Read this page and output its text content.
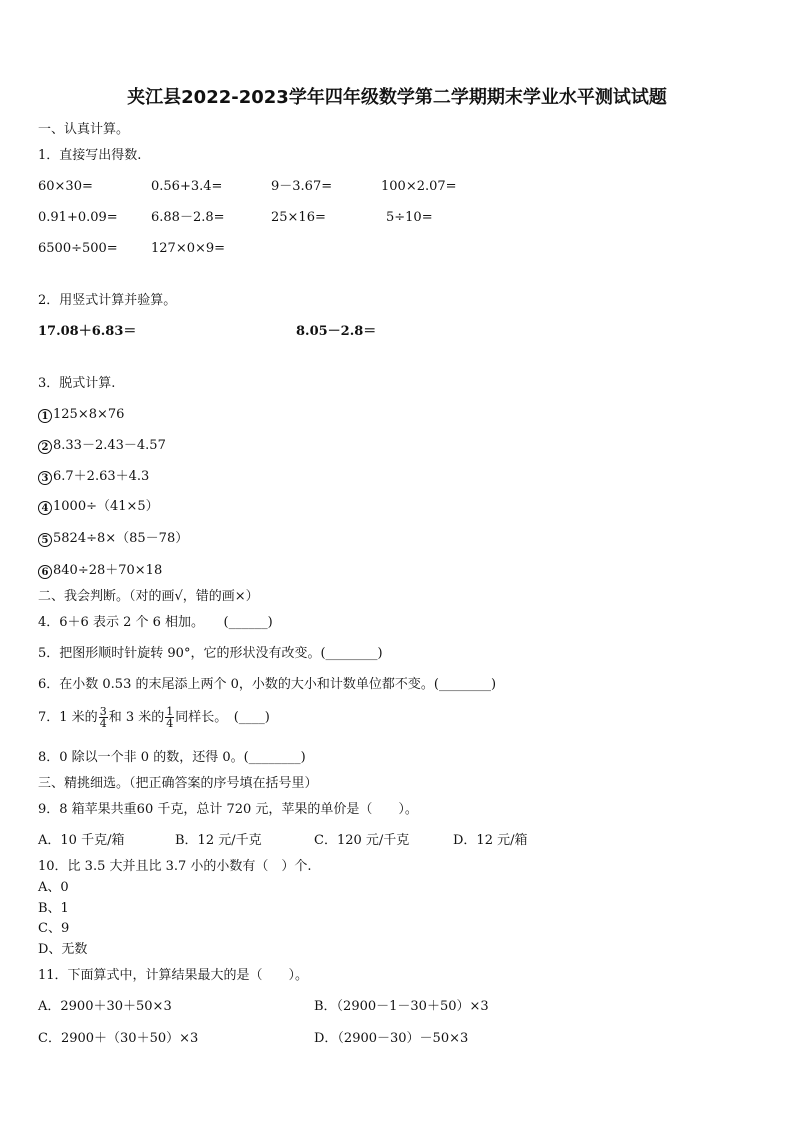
夹江县2022-2023学年四年级数学第二学期期末学业水平测试试题
一、认真计算。
1．直接写出得数.
60×30=	0.56+3.4=	9－3.67=	100×2.07=
0.91+0.09=	6.88－2.8=	25×16=	5÷10=
6500÷500=	127×0×9=
2．用竖式计算并验算。
17.08＋6.83＝	8.05－2.8＝
3．脱式计算.
1 125×8×76
2 8.33－2.43－4.57
3 6.7＋2.63＋4.3
4 1000÷（41×5）
5 5824÷8×（85－78）
6 840÷28＋70×18
二、我会判断。（对的画√，错的画×）
4．6＋6 表示 2 个 6 相加。　　(______)
5．把图形顺时针旋转 90°，它的形状没有改变。(________)
6．在小数 0.53 的末尾添上两个 0，小数的大小和计数单位都不变。(________)
7．1 米的 $\frac{3}{4}$ 和 3 米的 $\frac{1}{4}$ 同样长。　(____)
8．0 除以一个非 0 的数，还得 0。(________)
三、精挑细选。（把正确答案的序号填在括号里）
9．8 箱苹果共重60 千克，总计 720 元，苹果的单价是（　　）。
A．10 千克/箱	B．12 元/千克	C．120 元/千克	D．12 元/箱
10．比 3.5 大并且比 3.7 小的小数有（　）个.
A、0
B、1
C、9
D、无数
11．下面算式中，计算结果最大的是（　　）。
A．2900＋30＋50×3	B．（2900－1－30＋50）×3
C．2900＋（30＋50）×3	D．（2900－30）－50×3
